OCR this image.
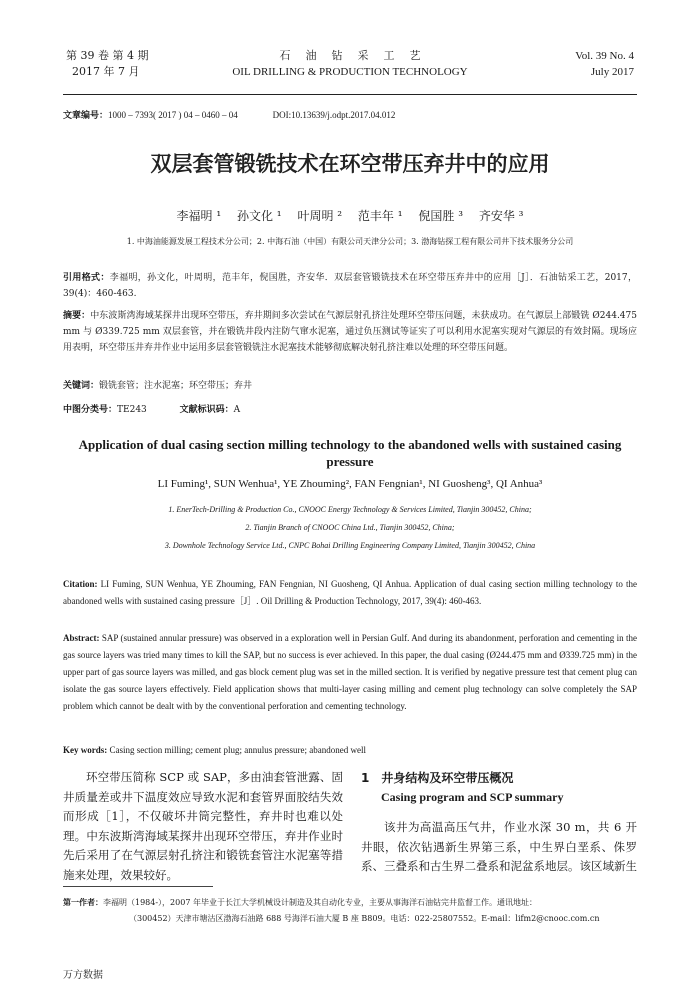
第 39 卷 第 4 期
2017 年 7 月
石油钻采工艺
OIL DRILLING & PRODUCTION TECHNOLOGY
Vol. 39 No. 4
July 2017
文章编号：1000 – 7393( 2017 ) 04 – 0460 – 04	DOI:10.13639/j.odpt.2017.04.012
双层套管锻铣技术在环空带压弃井中的应用
李福明 ¹ 孙文化 ¹ 叶周明 ² 范丰年 ¹ 倪国胜 ³ 齐安华 ³
1. 中海油能源发展工程技术分公司；2. 中海石油（中国）有限公司天津分公司；3. 渤海钻探工程有限公司井下技术服务分公司
引用格式：李福明，孙文化，叶周明，范丰年，倪国胜，齐安华．双层套管锻铣技术在环空带压弃井中的应用［J］．石油钻采工艺，2017，39(4)：460-463.
摘要：中东波斯湾海域某探井出现环空带压，弃井期间多次尝试在气源层射孔挤注处理环空带压问题，未获成功。在气源层上部锻铣 Ø244.475 mm 与 Ø339.725 mm 双层套管，并在锻铣井段内注防气窜水泥塞，通过负压测试等证实了可以利用水泥塞实现对气源层的有效封隔。现场应用表明，环空带压井弃井作业中运用多层套管锻铣注水泥塞技术能够彻底解决射孔挤注难以处理的环空带压问题。
关键词：锻铣套管；注水泥塞；环空带压；弃井
中图分类号：TE243	文献标识码：A
Application of dual casing section milling technology to the abandoned wells with sustained casing pressure
LI Fuming¹, SUN Wenhua¹, YE Zhouming², FAN Fengnian¹, NI Guosheng³, QI Anhua³
1. EnerTech-Drilling & Production Co., CNOOC Energy Technology & Services Limited, Tianjin 300452, China;
2. Tianjin Branch of CNOOC China Ltd., Tianjin 300452, China;
3. Downhole Technology Service Ltd., CNPC Bohai Drilling Engineering Company Limited, Tianjin 300452, China
Citation: LI Fuming, SUN Wenhua, YE Zhouming, FAN Fengnian, NI Guosheng, QI Anhua. Application of dual casing section milling technology to the abandoned wells with sustained casing pressure［J］. Oil Drilling & Production Technology, 2017, 39(4): 460-463.
Abstract: SAP (sustained annular pressure) was observed in a exploration well in Persian Gulf. And during its abandonment, perforation and cementing in the gas source layers was tried many times to kill the SAP, but no success is ever achieved. In this paper, the dual casing (Ø244.475 mm and Ø339.725 mm) in the upper part of gas source layers was milled, and gas block cement plug was set in the milled section. It is verified by negative pressure test that cement plug can isolate the gas source layers effectively. Field application shows that multi-layer casing milling and cement plug technology can solve completely the SAP problem which cannot be dealt with by the conventional perforation and cementing technology.
Key words: Casing section milling; cement plug; annulus pressure; abandoned well
环空带压简称 SCP 或 SAP，多由油套管泄露、固井质量差或井下温度效应导致水泥和套管界面胶结失效而形成［1］，不仅破坏井筒完整性，弃井时也难以处理。中东波斯湾海域某探井出现环空带压，弃井作业时先后采用了在气源层射孔挤注和锻铣套管注水泥塞等措施来处理，效果较好。
1 井身结构及环空带压概况
Casing program and SCP summary
该井为高温高压气井，作业水深 30 m，共 6 开井眼，依次钻遇新生界第三系，中生界白垩系、侏罗系、三叠系和古生界二叠系和泥盆系地层。该区域新生
第一作者：李福明（1984-），2007 年毕业于长江大学机械设计制造及其自动化专业，主要从事海洋石油钻完井监督工作。通讯地址：
（300452）天津市塘沽区渤海石油路 688 号海洋石油大厦 B 座 B809。电话：022-25807552。E-mail：lifm2@cnooc.com.cn
万方数据
